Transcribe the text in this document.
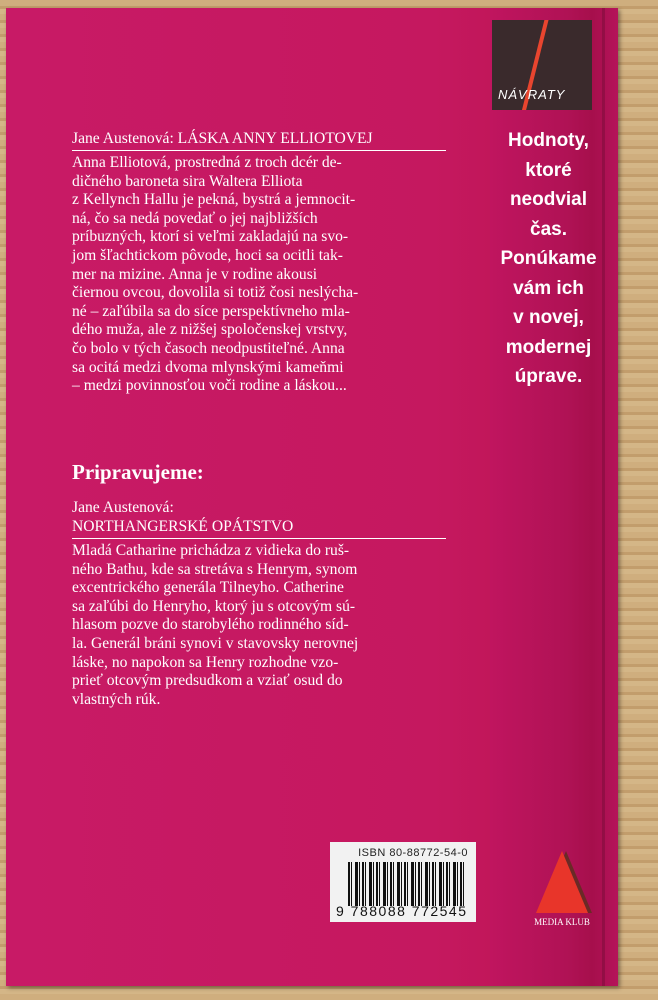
Jane Austenová: LÁSKA ANNY ELLIOTOVEJ
Anna Elliotová, prostredná z troch dcér de-
dičného baroneta sira Waltera Elliota
z Kellynch Hallu je pekná, bystrá a jemnocit-
ná, čo sa nedá povedať o jej najbližších
príbuzných, ktorí si veľmi zakladajú na svo-
jom šľachtickom pôvode, hoci sa ocitli tak-
mer na mizine. Anna je v rodine akousi
čiernou ovcou, dovolila si totiž čosi neslýcha-
né – zaľúbila sa do síce perspektívneho mla-
dého muža, ale z nižšej spoločenskej vrstvy,
čo bolo v tých časoch neodpustiteľné. Anna
sa ocitá medzi dvoma mlynskými kameňmi
– medzi povinnosťou voči rodine a láskou...
Pripravujeme:
Jane Austenová:
NORTHANGERSKÉ OPÁTSTVO
Mladá Catharine prichádza z vidieka do ruš-
ného Bathu, kde sa stretáva s Henrym, synom
excentrického generála Tilneyho. Catherine
sa zaľúbi do Henryho, ktorý ju s otcovým sú-
hlasom pozve do starobylého rodinného síd-
la. Generál bráni synovi v stavovsky nerovnej
láske, no napokon sa Henry rozhodne vzo-
prieť otcovým predsudkom a vziať osud do
vlastných rúk.
NÁVRATY
Hodnoty,
ktoré
neodvial
čas.
Ponúkame
vám ich
v novej,
modernej
úprave.
ISBN 80-88772-54-0
9 788088 772545
MEDIA KLUB
